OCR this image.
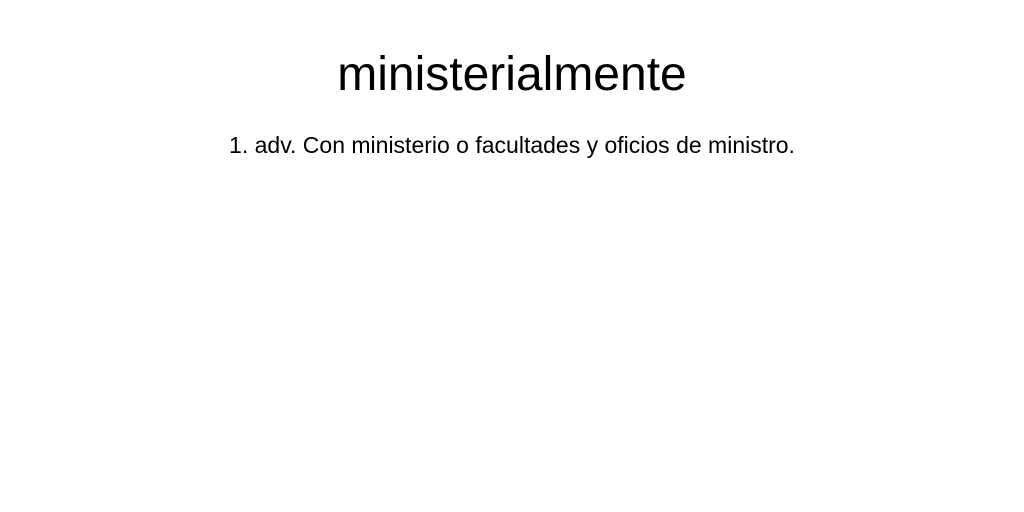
ministerialmente
1. adv. Con ministerio o facultades y oficios de ministro.
